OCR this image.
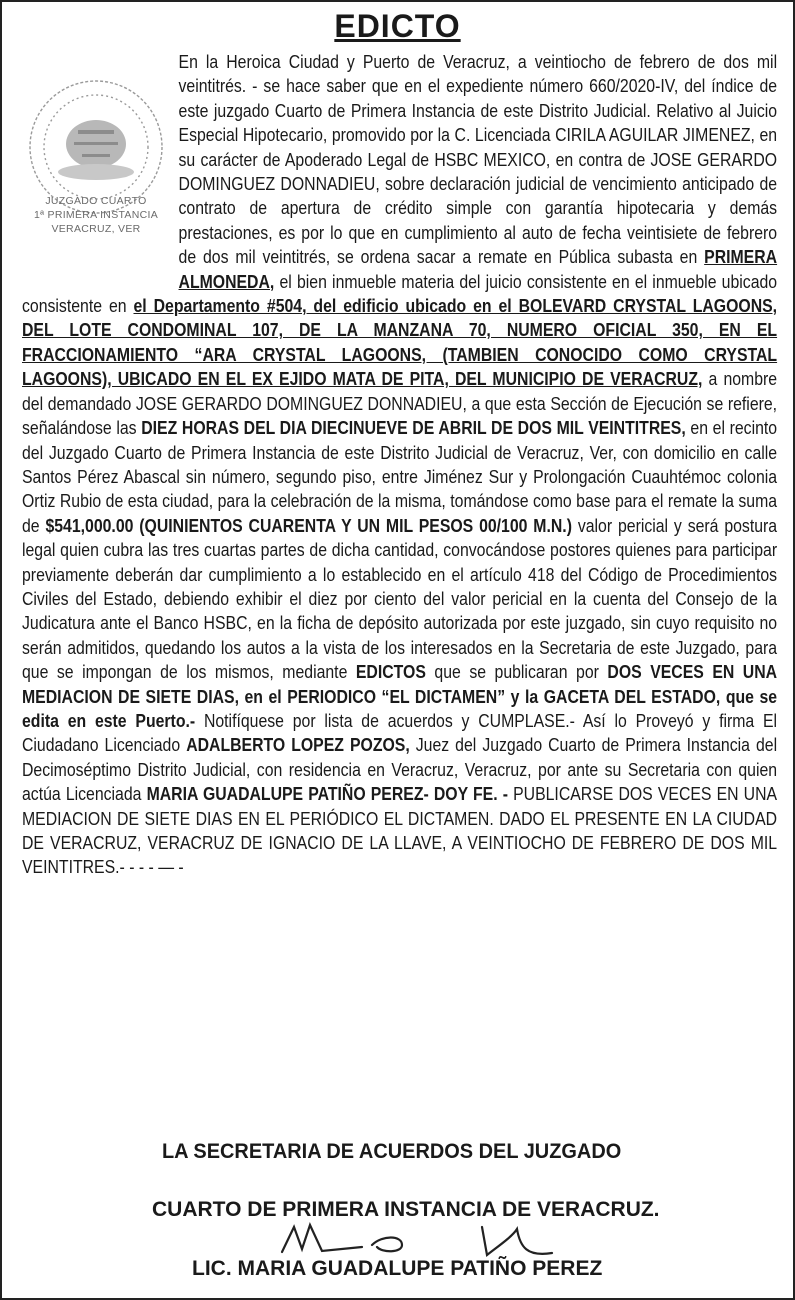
EDICTO
JUZGADO CUARTO
1ª PRIMERA INSTANCIA
VERACRUZ, VER
En la Heroica Ciudad y Puerto de Veracruz, a veintiocho de febrero de dos mil veintitrés. - se hace saber que en el expediente número 660/2020-IV, del índice de este juzgado Cuarto de Primera Instancia de este Distrito Judicial. Relativo al Juicio Especial Hipotecario, promovido por la C. Licenciada CIRILA AGUILAR JIMENEZ, en su carácter de Apoderado Legal de HSBC MEXICO, en contra de JOSE GERARDO DOMINGUEZ DONNADIEU, sobre declaración judicial de vencimiento anticipado de contrato de apertura de crédito simple con garantía hipotecaria y demás prestaciones, es por lo que en cumplimiento al auto de fecha veintisiete de febrero de dos mil veintitrés, se ordena sacar a remate en Pública subasta en PRIMERA ALMONEDA, el bien inmueble materia del juicio consistente en el inmueble ubicado consistente en el Departamento #504, del edificio ubicado en el BOLEVARD CRYSTAL LAGOONS, DEL LOTE CONDOMINAL 107, DE LA MANZANA 70, NUMERO OFICIAL 350, EN EL FRACCIONAMIENTO “ARA CRYSTAL LAGOONS, (TAMBIEN CONOCIDO COMO CRYSTAL LAGOONS), UBICADO EN EL EX EJIDO MATA DE PITA, DEL MUNICIPIO DE VERACRUZ, a nombre del demandado JOSE GERARDO DOMINGUEZ DONNADIEU, a que esta Sección de Ejecución se refiere, señalándose las DIEZ HORAS DEL DIA DIECINUEVE DE ABRIL DE DOS MIL VEINTITRES, en el recinto del Juzgado Cuarto de Primera Instancia de este Distrito Judicial de Veracruz, Ver, con domicilio en calle Santos Pérez Abascal sin número, segundo piso, entre Jiménez Sur y Prolongación Cuauhtémoc colonia Ortiz Rubio de esta ciudad, para la celebración de la misma, tomándose como base para el remate la suma de $541,000.00 (QUINIENTOS CUARENTA Y UN MIL PESOS 00/100 M.N.) valor pericial y será postura legal quien cubra las tres cuartas partes de dicha cantidad, convocándose postores quienes para participar previamente deberán dar cumplimiento a lo establecido en el artículo 418 del Código de Procedimientos Civiles del Estado, debiendo exhibir el diez por ciento del valor pericial en la cuenta del Consejo de la Judicatura ante el Banco HSBC, en la ficha de depósito autorizada por este juzgado, sin cuyo requisito no serán admitidos, quedando los autos a la vista de los interesados en la Secretaria de este Juzgado, para que se impongan de los mismos, mediante EDICTOS que se publicaran por DOS VECES EN UNA MEDIACION DE SIETE DIAS, en el PERIODICO “EL DICTAMEN” y la GACETA DEL ESTADO, que se edita en este Puerto.- Notifíquese por lista de acuerdos y CUMPLASE.- Así lo Proveyó y firma El Ciudadano Licenciado ADALBERTO LOPEZ POZOS, Juez del Juzgado Cuarto de Primera Instancia del Decimoséptimo Distrito Judicial, con residencia en Veracruz, Veracruz, por ante su Secretaria con quien actúa Licenciada MARIA GUADALUPE PATIÑO PEREZ- DOY FE. - PUBLICARSE DOS VECES EN UNA MEDIACION DE SIETE DIAS EN EL PERIÓDICO EL DICTAMEN. DADO EL PRESENTE EN LA CIUDAD DE VERACRUZ, VERACRUZ DE IGNACIO DE LA LLAVE, A VEINTIOCHO DE FEBRERO DE DOS MIL VEINTITRES.- - - - — -
LA SECRETARIA DE ACUERDOS DEL JUZGADO
CUARTO DE PRIMERA INSTANCIA DE VERACRUZ.
LIC. MARIA GUADALUPE PATIÑO PEREZ
